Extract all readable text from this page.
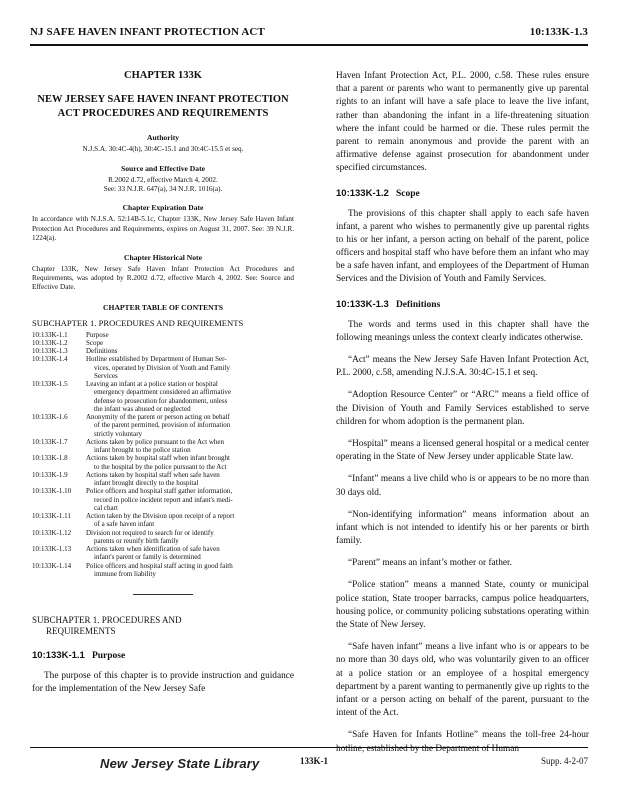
NJ SAFE HAVEN INFANT PROTECTION ACT	10:133K-1.3
CHAPTER 133K
NEW JERSEY SAFE HAVEN INFANT PROTECTION ACT PROCEDURES AND REQUIREMENTS
Authority
N.J.S.A. 30:4C-4(h), 30:4C-15.1 and 30:4C-15.5 et seq.
Source and Effective Date
R.2002 d.72, effective March 4, 2002.
See: 33 N.J.R. 647(a), 34 N.J.R. 1016(a).
Chapter Expiration Date
In accordance with N.J.S.A. 52:14B-5.1c, Chapter 133K, New Jersey Safe Haven Infant Protection Act Procedures and Requirements, expires on August 31, 2007. See: 39 N.J.R. 1224(a).
Chapter Historical Note
Chapter 133K, New Jersey Safe Haven Infant Protection Act Procedures and Requirements, was adopted by R.2002 d.72, effective March 4, 2002. See: Source and Effective Date.
CHAPTER TABLE OF CONTENTS
SUBCHAPTER 1. PROCEDURES AND REQUIREMENTS
10:133K-1.1	Purpose
10:133K-1.2	Scope
10:133K-1.3	Definitions
10:133K-1.4	Hotline established by Department of Human Ser-
vices, operated by Division of Youth and Family
Services
10:133K-1.5	Leaving an infant at a police station or hospital
emergency department considered an affirmative
defense to prosecution for abandonment, unless
the infant was abused or neglected
10:133K-1.6	Anonymity of the parent or person acting on behalf
of the parent permitted, provision of information
strictly voluntary
10:133K-1.7	Actions taken by police pursuant to the Act when
infant brought to the police station
10:133K-1.8	Actions taken by hospital staff when infant brought
to the hospital by the police pursuant to the Act
10:133K-1.9	Actions taken by hospital staff when safe haven
infant brought directly to the hospital
10:133K-1.10	Police officers and hospital staff gather information,
record in police incident report and infant's medi-
cal chart
10:133K-1.11	Action taken by the Division upon receipt of a report
of a safe haven infant
10:133K-1.12	Division not required to search for or identify
parents or reunify birth family
10:133K-1.13	Actions taken when identification of safe haven
infant's parent or family is determined
10:133K-1.14	Police officers and hospital staff acting in good faith
immune from liability
SUBCHAPTER 1. PROCEDURES AND
REQUIREMENTS
10:133K-1.1 Purpose

The purpose of this chapter is to provide instruction and guidance for the implementation of the New Jersey Safe

Haven Infant Protection Act, P.L. 2000, c.58. These rules ensure that a parent or parents who want to permanently give up parental rights to an infant will have a safe place to leave the live infant, rather than abandoning the infant in a life-threatening situation where the infant could be harmed or die. These rules permit the parent to remain anonymous and provide the parent with an affirmative defense against prosecution for abandonment under specified circumstances.

10:133K-1.2 Scope

The provisions of this chapter shall apply to each safe haven infant, a parent who wishes to permanently give up parental rights to his or her infant, a person acting on behalf of the parent, police officers and hospital staff who have before them an infant who may be a safe haven infant, and employees of the Department of Human Services and the Division of Youth and Family Services.

10:133K-1.3 Definitions

The words and terms used in this chapter shall have the following meanings unless the context clearly indicates otherwise.

“Act” means the New Jersey Safe Haven Infant Protection Act, P.L. 2000, c.58, amending N.J.S.A. 30:4C-15.1 et seq.

“Adoption Resource Center” or “ARC” means a field office of the Division of Youth and Family Services established to serve children for whom adoption is the permanent plan.

“Hospital” means a licensed general hospital or a medical center operating in the State of New Jersey under applicable State law.

“Infant” means a live child who is or appears to be no more than 30 days old.

“Non-identifying information” means information about an infant which is not intended to identify his or her parents or birth family.

“Parent” means an infant’s mother or father.

“Police station” means a manned State, county or municipal police station, State trooper barracks, campus police headquarters, housing police, or community policing substations operating within the State of New Jersey.

“Safe haven infant” means a live infant who is or appears to be no more than 30 days old, who was voluntarily given to an officer at a police station or an employee of a hospital emergency department by a parent wanting to permanently give up rights to the infant or a person acting on behalf of the parent, pursuant to the intent of the Act.

“Safe Haven for Infants Hotline” means the toll-free 24-hour hotline, established by the Department of Human

New Jersey State Library	133K-1	Supp. 4-2-07
